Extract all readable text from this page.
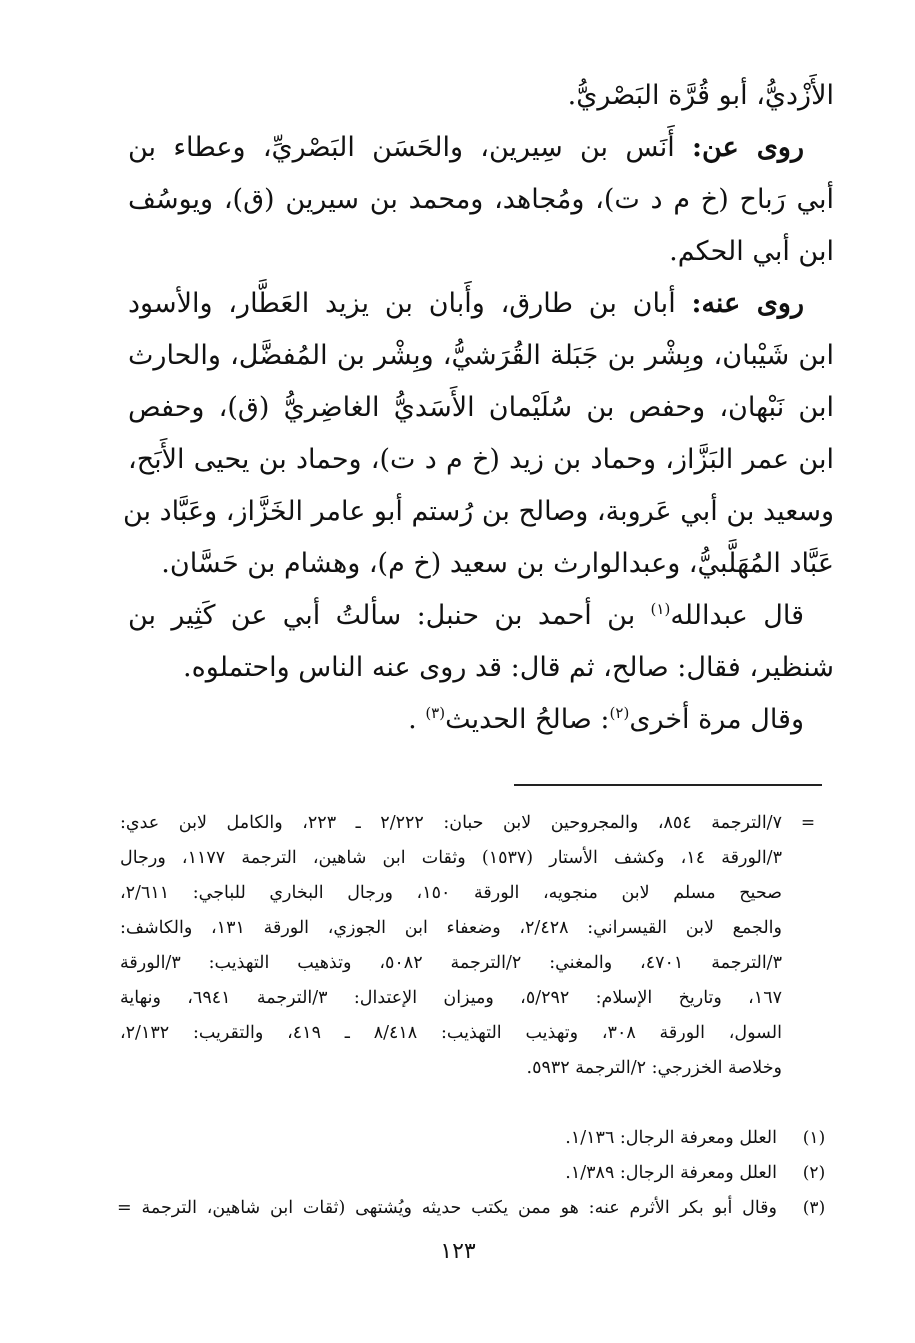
الأَزْديُّ، أبو قُرَّة البَصْريُّ.
روى عن: أَنَس بن سِيرين، والحَسَن البَصْريِّ، وعطاء بن
أبي رَباح (خ م د ت)، ومُجاهد، ومحمد بن سيرين (ق)، ويوسُف
ابن أبي الحكم.
روى عنه: أبان بن طارق، وأَبان بن يزيد العَطَّار، والأسود
ابن شَيْبان، وبِشْر بن جَبَلة القُرَشيُّ، وبِشْر بن المُفضَّل، والحارث
ابن نَبْهان، وحفص بن سُلَيْمان الأَسَديُّ الغاضِريُّ (ق)، وحفص
ابن عمر البَزَّاز، وحماد بن زيد (خ م د ت)، وحماد بن يحيى الأَبَح،
وسعيد بن أبي عَروبة، وصالح بن رُستم أبو عامر الخَزَّاز، وعَبَّاد بن
عَبَّاد المُهَلَّبيُّ، وعبدالوارث بن سعيد (خ م)، وهشام بن حَسَّان.
قال عبدالله$^{(١)}$ بن أحمد بن حنبل: سألتُ أبي عن كَثِير بن
شنظير، فقال: صالح، ثم قال: قد روى عنه الناس واحتملوه.
وقال مرة أخرى$^{(٢)}$: صالحُ الحديث$^{(٣)}$ .
=
٧/الترجمة ٨٥٤، والمجروحين لابن حبان: ٢/٢٢٢ ـ ٢٢٣، والكامل لابن عدي:
٣/الورقة ١٤، وكشف الأستار (١٥٣٧) وثقات ابن شاهين، الترجمة ١١٧٧، ورجال
صحيح مسلم لابن منجويه، الورقة ١٥٠، ورجال البخاري للباجي: ٢/٦١١،
والجمع لابن القيسراني: ٢/٤٢٨، وضعفاء ابن الجوزي، الورقة ١٣١، والكاشف:
٣/الترجمة ٤٧٠١، والمغني: ٢/الترجمة ٥٠٨٢، وتذهيب التهذيب: ٣/الورقة
١٦٧، وتاريخ الإسلام: ٥/٢٩٢، وميزان الإعتدال: ٣/الترجمة ٦٩٤١، ونهاية
السول، الورقة ٣٠٨، وتهذيب التهذيب: ٨/٤١٨ ـ ٤١٩، والتقريب: ٢/١٣٢،
وخلاصة الخزرجي: ٢/الترجمة ٥٩٣٢.
(١)
العلل ومعرفة الرجال: ١/١٣٦.
(٢)
العلل ومعرفة الرجال: ١/٣٨٩.
(٣)
وقال أبو بكر الأثرم عنه: هو ممن يكتب حديثه ويُشتهى (ثقات ابن شاهين، الترجمة =
١٢٣
